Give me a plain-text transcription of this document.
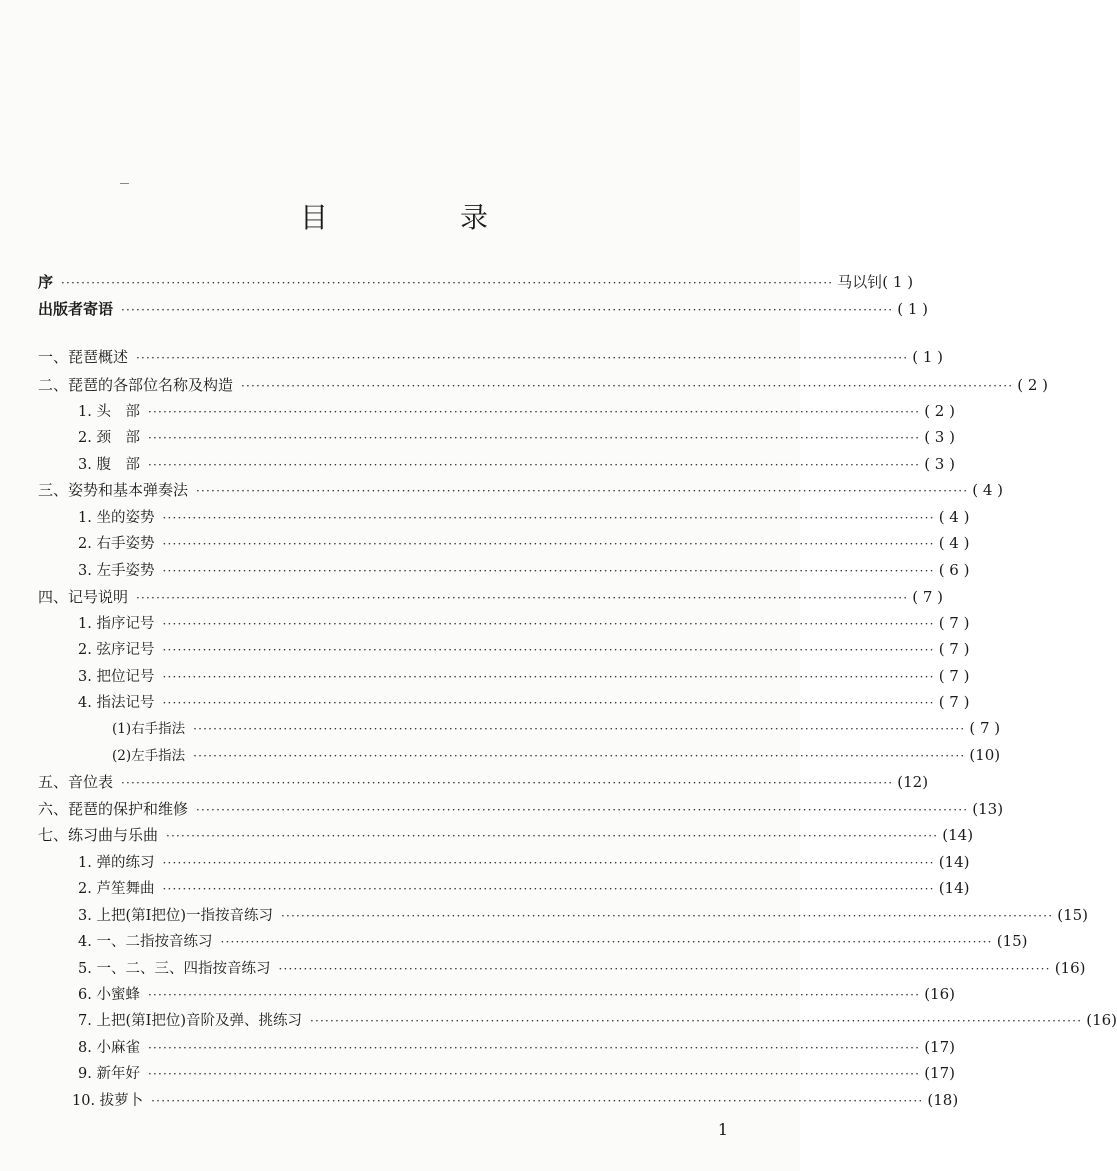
目　录
序 ·························································································································································· 马以钊 ( 1 )
出版者寄语 ·························································································································································· ( 1 )
一、琵琶概述 ·························································································································································· ( 1 )
二、琵琶的各部位名称及构造 ·························································································································································· ( 2 )
1. 头　部 ·························································································································································· ( 2 )
2. 颈　部 ·························································································································································· ( 3 )
3. 腹　部 ·························································································································································· ( 3 )
三、姿势和基本弹奏法 ·························································································································································· ( 4 )
1. 坐的姿势 ·························································································································································· ( 4 )
2. 右手姿势 ·························································································································································· ( 4 )
3. 左手姿势 ·························································································································································· ( 6 )
四、记号说明 ·························································································································································· ( 7 )
1. 指序记号 ·························································································································································· ( 7 )
2. 弦序记号 ·························································································································································· ( 7 )
3. 把位记号 ·························································································································································· ( 7 )
4. 指法记号 ·························································································································································· ( 7 )
(1)右手指法 ·························································································································································· ( 7 )
(2)左手指法 ·························································································································································· (10)
五、音位表 ·························································································································································· (12)
六、琵琶的保护和维修 ·························································································································································· (13)
七、练习曲与乐曲 ·························································································································································· (14)
1. 弹的练习 ·························································································································································· (14)
2. 芦笙舞曲 ·························································································································································· (14)
3. 上把(第Ⅰ把位)一指按音练习 ·························································································································································· (15)
4. 一、二指按音练习 ·························································································································································· (15)
5. 一、二、三、四指按音练习 ·························································································································································· (16)
6. 小蜜蜂 ·························································································································································· (16)
7. 上把(第Ⅰ把位)音阶及弹、挑练习 ·························································································································································· (16)
8. 小麻雀 ·························································································································································· (17)
9. 新年好 ·························································································································································· (17)
10. 拔萝卜 ·························································································································································· (18)
1
